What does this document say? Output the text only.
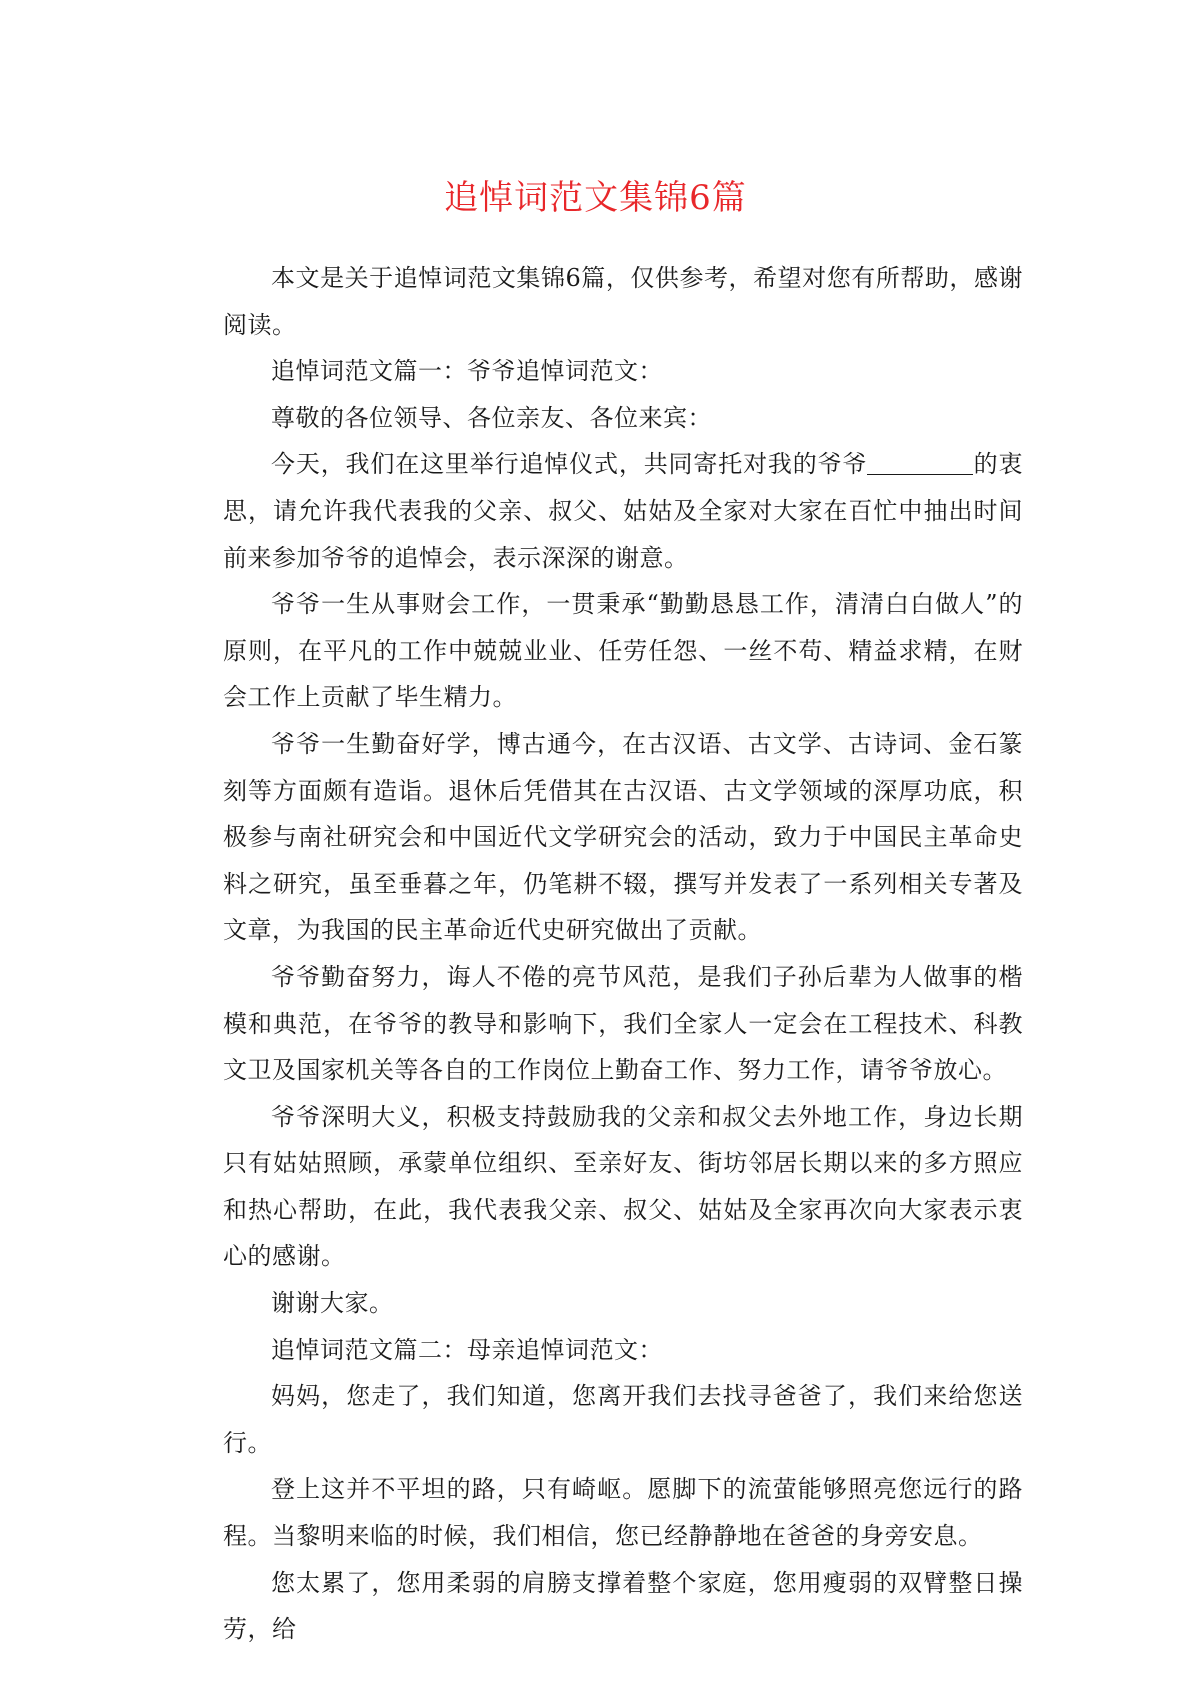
追悼词范文集锦6篇

本文是关于追悼词范文集锦6篇，仅供参考，希望对您有所帮助，感谢阅读。

追悼词范文篇一：爷爷追悼词范文：

尊敬的各位领导、各位亲友、各位来宾：

今天，我们在这里举行追悼仪式，共同寄托对我的爷爷	的衷思，请允许我代表我的父亲、叔父、姑姑及全家对大家在百忙中抽出时间前来参加爷爷的追悼会，表示深深的谢意。

爷爷一生从事财会工作，一贯秉承“勤勤恳恳工作，清清白白做人”的原则，在平凡的工作中兢兢业业、任劳任怨、一丝不苟、精益求精，在财会工作上贡献了毕生精力。

爷爷一生勤奋好学，博古通今，在古汉语、古文学、古诗词、金石篆刻等方面颇有造诣。退休后凭借其在古汉语、古文学领域的深厚功底，积极参与南社研究会和中国近代文学研究会的活动，致力于中国民主革命史料之研究，虽至垂暮之年，仍笔耕不辍，撰写并发表了一系列相关专著及文章，为我国的民主革命近代史研究做出了贡献。

爷爷勤奋努力，诲人不倦的亮节风范，是我们子孙后辈为人做事的楷模和典范，在爷爷的教导和影响下，我们全家人一定会在工程技术、科教文卫及国家机关等各自的工作岗位上勤奋工作、努力工作，请爷爷放心。

爷爷深明大义，积极支持鼓励我的父亲和叔父去外地工作，身边长期只有姑姑照顾，承蒙单位组织、至亲好友、街坊邻居长期以来的多方照应和热心帮助，在此，我代表我父亲、叔父、姑姑及全家再次向大家表示衷心的感谢。

谢谢大家。

追悼词范文篇二：母亲追悼词范文：

妈妈，您走了，我们知道，您离开我们去找寻爸爸了，我们来给您送行。

登上这并不平坦的路，只有崎岖。愿脚下的流萤能够照亮您远行的路程。当黎明来临的时候，我们相信，您已经静静地在爸爸的身旁安息。

您太累了，您用柔弱的肩膀支撑着整个家庭，您用瘦弱的双臂整日操劳，给
